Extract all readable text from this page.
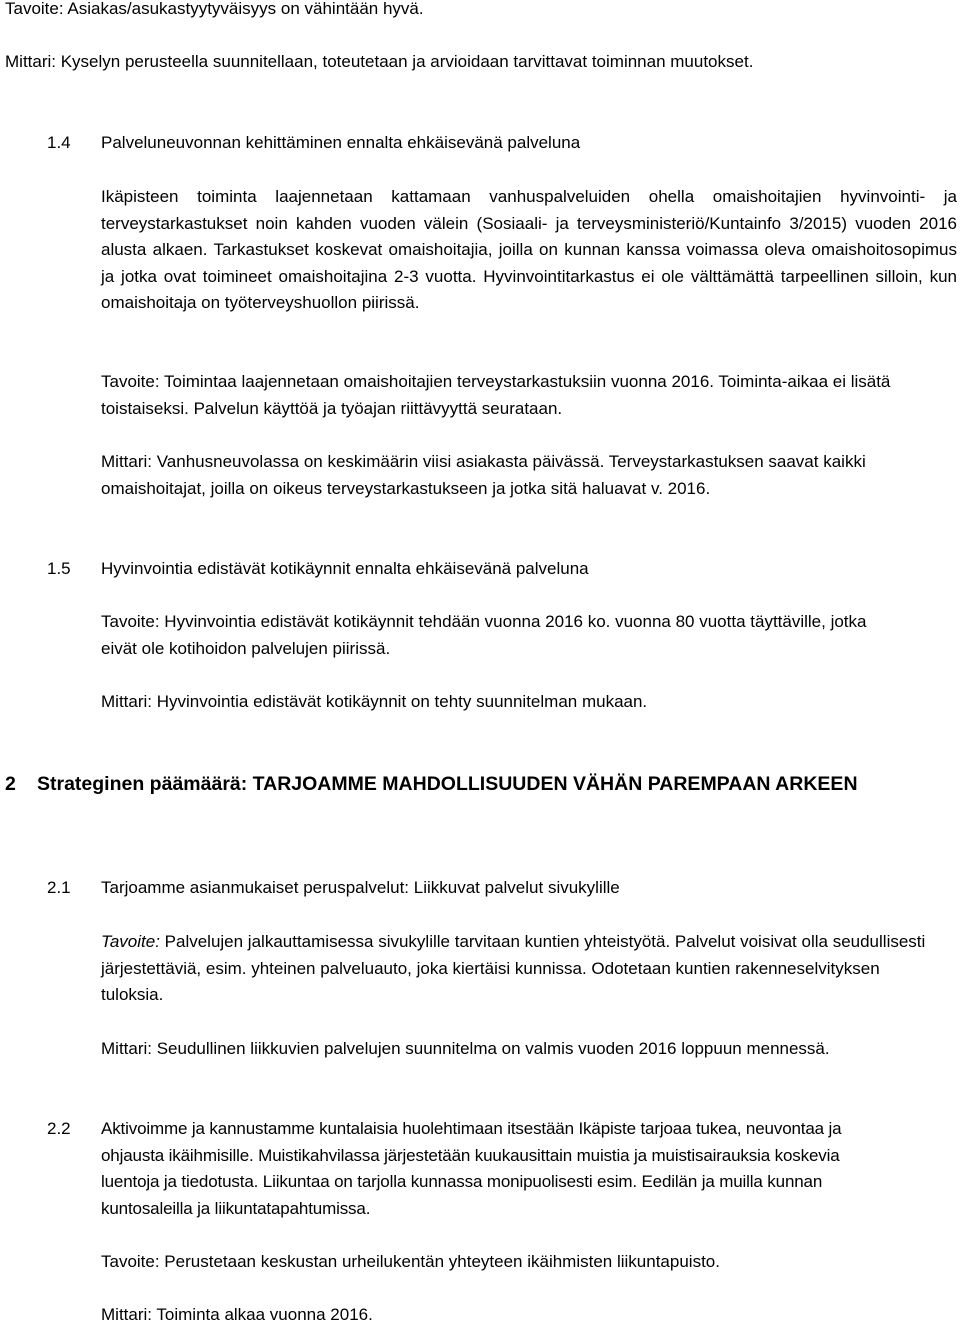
Tavoite: Asiakas/asukastyytyväisyys on vähintään hyvä.
Mittari: Kyselyn perusteella suunnitellaan, toteutetaan ja arvioidaan tarvittavat toiminnan muutokset.
1.4 Palveluneuvonnan kehittäminen ennalta ehkäisevänä palveluna
Ikäpisteen toiminta laajennetaan kattamaan vanhuspalveluiden ohella omaishoitajien hyvinvointi- ja terveystarkastukset noin kahden vuoden välein (Sosiaali- ja terveysministeriö/Kuntainfo 3/2015) vuoden 2016 alusta alkaen. Tarkastukset koskevat omaishoitajia, joilla on kunnan kanssa voimassa oleva omaishoitosopimus ja jotka ovat toimineet omaishoitajina 2-3 vuotta. Hyvinvointitarkastus ei ole välttämättä tarpeellinen silloin, kun omaishoitaja on työterveyshuollon piirissä.
Tavoite: Toimintaa laajennetaan omaishoitajien terveystarkastuksiin vuonna 2016. Toiminta-aikaa ei lisätä toistaiseksi. Palvelun käyttöä ja työajan riittävyyttä seurataan.
Mittari: Vanhusneuvolassa on keskimäärin viisi asiakasta päivässä. Terveystarkastuksen saavat kaikki omaishoitajat, joilla on oikeus terveystarkastukseen ja jotka sitä haluavat v. 2016.
1.5 Hyvinvointia edistävät kotikäynnit ennalta ehkäisevänä palveluna
Tavoite: Hyvinvointia edistävät kotikäynnit tehdään vuonna 2016 ko. vuonna 80 vuotta täyttäville, jotka eivät ole kotihoidon palvelujen piirissä.
Mittari: Hyvinvointia edistävät kotikäynnit on tehty suunnitelman mukaan.
2 Strateginen päämäärä: TARJOAMME MAHDOLLISUUDEN VÄHÄN PAREMPAAN ARKEEN
2.1 Tarjoamme asianmukaiset peruspalvelut: Liikkuvat palvelut sivukylille
Tavoite: Palvelujen jalkauttamisessa sivukylille tarvitaan kuntien yhteistyötä. Palvelut voisivat olla seudullisesti järjestettäviä, esim. yhteinen palveluauto, joka kiertäisi kunnissa. Odotetaan kuntien rakenneselvityksen tuloksia.
Mittari: Seudullinen liikkuvien palvelujen suunnitelma on valmis vuoden 2016 loppuun mennessä.
2.2 Aktivoimme ja kannustamme kuntalaisia huolehtimaan itsestään Ikäpiste tarjoaa tukea, neuvontaa ja ohjausta ikäihmisille. Muistikahvilassa järjestetään kuukausittain muistia ja muistisairauksia koskevia luentoja ja tiedotusta. Liikuntaa on tarjolla kunnassa monipuolisesti esim. Eedilän ja muilla kunnan kuntosaleilla ja liikuntatapahtumissa.
Tavoite: Perustetaan keskustan urheilukentän yhteyteen ikäihmisten liikuntapuisto.
Mittari: Toiminta alkaa vuonna 2016.
